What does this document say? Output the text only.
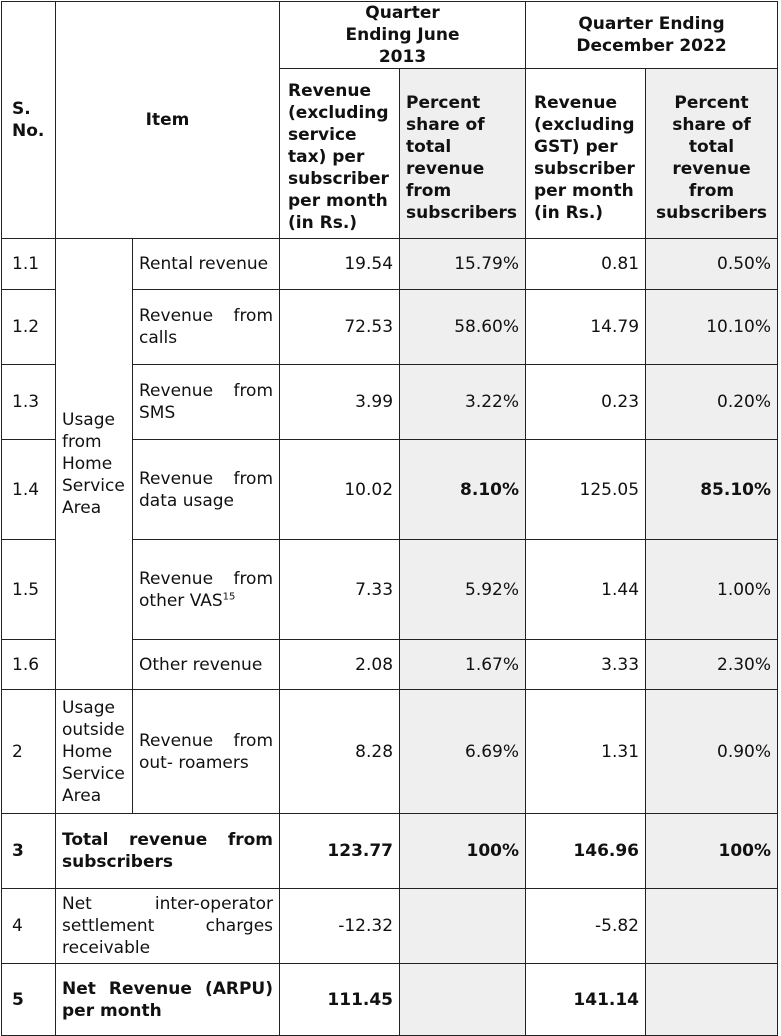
S. No.	Item		Quarter Ending June 2013		Quarter Ending December 2022	
			Revenue (excluding service tax) per subscriber per month (in Rs.)	Percent share of total revenue from subscribers	Revenue (excluding GST) per subscriber per month (in Rs.)	Percent share of total revenue from subscribers
1.1	Usage from Home Service Area	Rental revenue	19.54	15.79%	0.81	0.50%
1.2		Revenue from calls	72.53	58.60%	14.79	10.10%
1.3		Revenue from SMS	3.99	3.22%	0.23	0.20%
1.4		Revenue from data usage	10.02	8.10%	125.05	85.10%
1.5		Revenue from other VAS$^{15}$	7.33	5.92%	1.44	1.00%
1.6		Other revenue	2.08	1.67%	3.33	2.30%
2	Usage outside Home Service Area	Revenue from out- roamers	8.28	6.69%	1.31	0.90%
3	Total revenue from subscribers		123.77	100%	146.96	100%
4	Net inter-operator settlement charges receivable		-12.32		-5.82	
5	Net Revenue (ARPU) per month		111.45		141.14	
